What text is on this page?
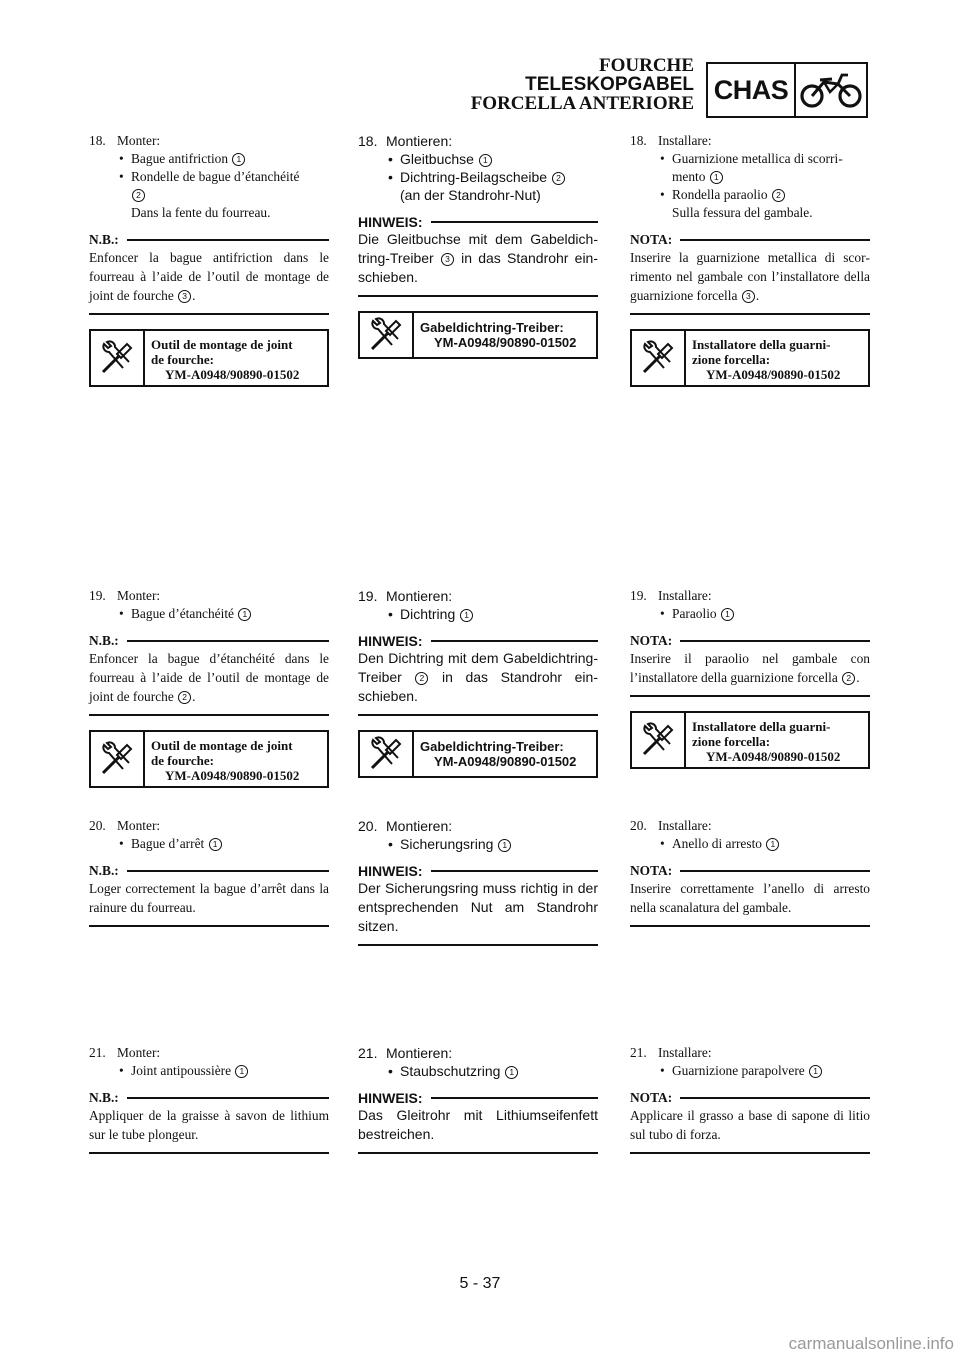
FOURCHE
TELESKOPGABEL
FORCELLA ANTERIORE CHAS
18. Monter:
• Bague antifriction 1
• Rondelle de bague d’étanchéité
2
Dans la fente du fourreau.
N.B.:
Enfoncer la bague antifriction dans le fourreau à l’aide de l’outil de montage de joint de fourche 3 .
Outil de montage de joint
de fourche:
YM-A0948/90890-01502
19. Monter:
• Bague d’étanchéité 1
N.B.:
Enfoncer la bague d’étanchéité dans le fourreau à l’aide de l’outil de montage de joint de fourche 2 .
Outil de montage de joint
de fourche:
YM-A0948/90890-01502
20. Monter:
• Bague d’arrêt 1
N.B.:
Loger correctement la bague d’arrêt dans la rainure du fourreau.
21. Monter:
• Joint antipoussière 1
N.B.:
Appliquer de la graisse à savon de lithium sur le tube plongeur.
18. Montieren:
• Gleitbuchse 1
• Dichtring-Beilagscheibe 2
(an der Standrohr-Nut)
HINWEIS:
Die Gleitbuchse mit dem Gabeldichtring-Treiber 3 in das Standrohr einschieben.
Gabeldichtring-Treiber:
YM-A0948/90890-01502
19. Montieren:
• Dichtring 1
HINWEIS:
Den Dichtring mit dem Gabeldichtring-Treiber 2 in das Standrohr einschieben.
Gabeldichtring-Treiber:
YM-A0948/90890-01502
20. Montieren:
• Sicherungsring 1
HINWEIS:
Der Sicherungsring muss richtig in der entsprechenden Nut am Standrohr sitzen.
21. Montieren:
• Staubschutzring 1
HINWEIS:
Das Gleitrohr mit Lithiumseifenfett bestreichen.
18. Installare:
• Guarnizione metallica di scorrimento 1
• Rondella paraolio 2
Sulla fessura del gambale.
NOTA:
Inserire la guarnizione metallica di scorrimento nel gambale con l’installatore della guarnizione forcella 3 .
Installatore della guarni-
zione forcella:
YM-A0948/90890-01502
19. Installare:
• Paraolio 1
NOTA:
Inserire il paraolio nel gambale con l’installatore della guarnizione forcella 2 .
Installatore della guarni-
zione forcella:
YM-A0948/90890-01502
20. Installare:
• Anello di arresto 1
NOTA:
Inserire correttamente l’anello di arresto nella scanalatura del gambale.
21. Installare:
• Guarnizione parapolvere 1
NOTA:
Applicare il grasso a base di sapone di litio sul tubo di forza.
5 - 37
carmanualsonline.info
